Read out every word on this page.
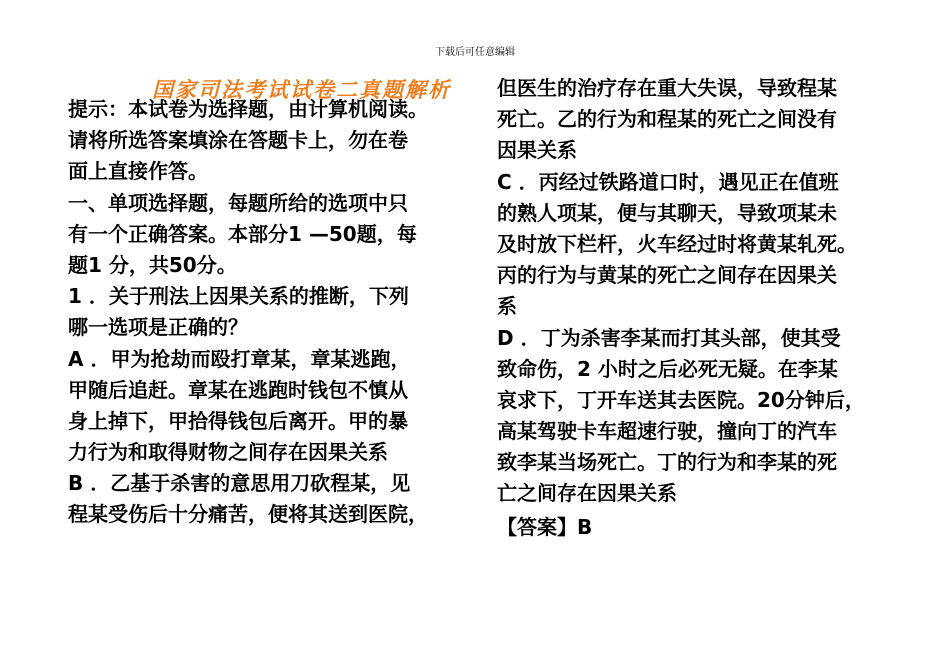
下载后可任意编辑
国家司法考试试卷二真题解析
提示：本试卷为选择题，由计算机阅读。
请将所选答案填涂在答题卡上，勿在卷
面上直接作答。
一、单项选择题，每题所给的选项中只
有一个正确答案。本部分1 —50题，每
题1 分，共50分。
1 ．关于刑法上因果关系的推断，下列
哪一选项是正确的？
A ．甲为抢劫而殴打章某，章某逃跑，
甲随后追赶。章某在逃跑时钱包不慎从
身上掉下，甲拾得钱包后离开。甲的暴
力行为和取得财物之间存在因果关系
B ．乙基于杀害的意思用刀砍程某，见
程某受伤后十分痛苦，便将其送到医院，
但医生的治疗存在重大失误，导致程某
死亡。乙的行为和程某的死亡之间没有
因果关系
C ．丙经过铁路道口时，遇见正在值班
的熟人项某，便与其聊天，导致项某未
及时放下栏杆，火车经过时将黄某轧死。
丙的行为与黄某的死亡之间存在因果关
系
D ．丁为杀害李某而打其头部，使其受
致命伤，2 小时之后必死无疑。在李某
哀求下，丁开车送其去医院。20分钟后，
高某驾驶卡车超速行驶，撞向丁的汽车
致李某当场死亡。丁的行为和李某的死
亡之间存在因果关系
【答案】B
